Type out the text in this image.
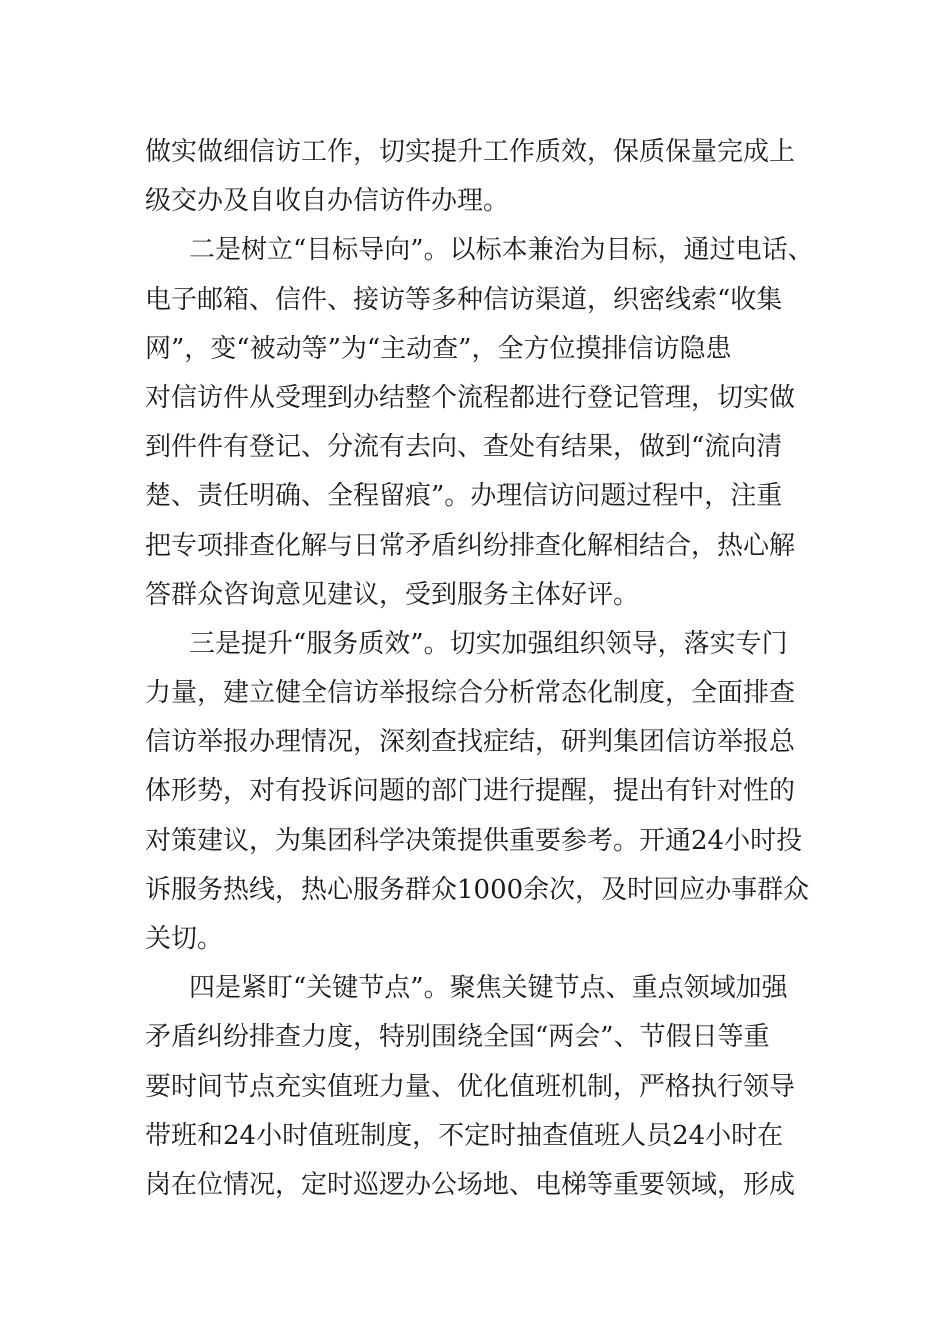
做实做细信访工作，切实提升工作质效，保质保量完成上
级交办及自收自办信访件办理。
二是树立“目标导向”。以标本兼治为目标，通过电话、
电子邮箱、信件、接访等多种信访渠道，织密线索“收集
网”，变“被动等”为“主动查”，全方位摸排信访隐患
对信访件从受理到办结整个流程都进行登记管理，切实做
到件件有登记、分流有去向、查处有结果，做到“流向清
楚、责任明确、全程留痕”。办理信访问题过程中，注重
把专项排查化解与日常矛盾纠纷排查化解相结合，热心解
答群众咨询意见建议，受到服务主体好评。
三是提升“服务质效”。切实加强组织领导，落实专门
力量，建立健全信访举报综合分析常态化制度，全面排查
信访举报办理情况，深刻查找症结，研判集团信访举报总
体形势，对有投诉问题的部门进行提醒，提出有针对性的
对策建议，为集团科学决策提供重要参考。开通24小时投
诉服务热线，热心服务群众1000余次，及时回应办事群众
关切。
四是紧盯“关键节点”。聚焦关键节点、重点领域加强
矛盾纠纷排查力度，特别围绕全国“两会”、节假日等重
要时间节点充实值班力量、优化值班机制，严格执行领导
带班和24小时值班制度，不定时抽查值班人员24小时在
岗在位情况，定时巡逻办公场地、电梯等重要领域，形成
